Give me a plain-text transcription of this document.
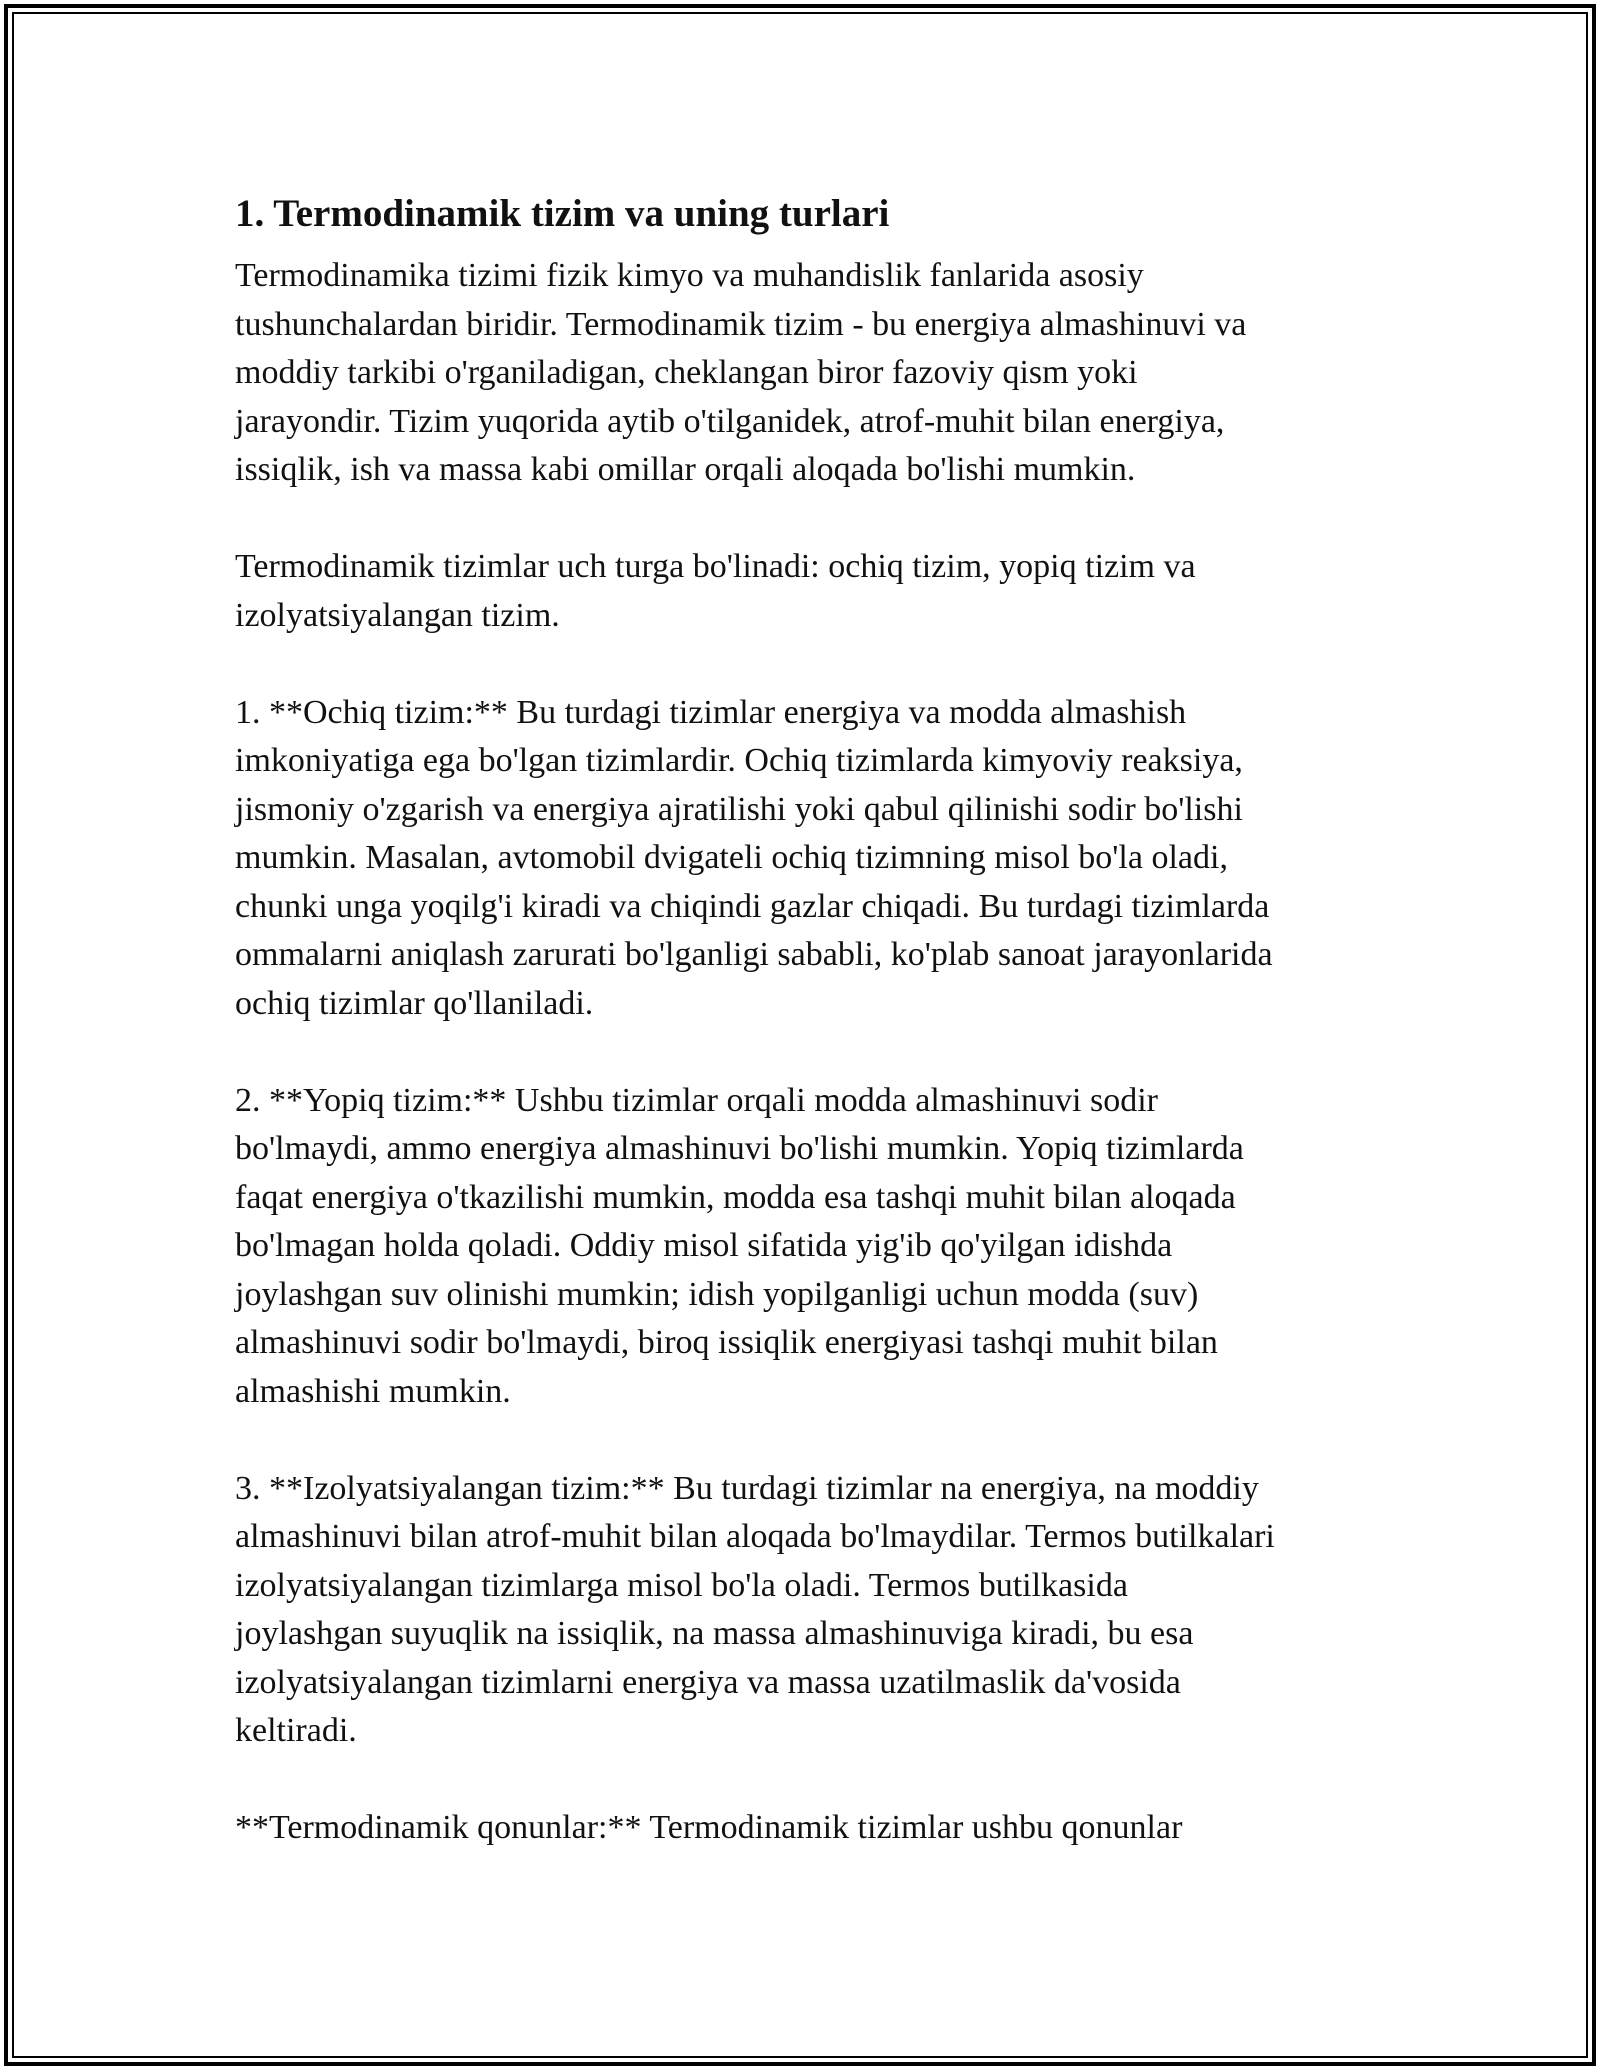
1. Termodinamik tizim va uning turlari
Termodinamika tizimi fizik kimyo va muhandislik fanlarida asosiy
tushunchalardan biridir. Termodinamik tizim - bu energiya almashinuvi va
moddiy tarkibi o'rganiladigan, cheklangan biror fazoviy qism yoki
jarayondir. Tizim yuqorida aytib o'tilganidek, atrof-muhit bilan energiya,
issiqlik, ish va massa kabi omillar orqali aloqada bo'lishi mumkin.
Termodinamik tizimlar uch turga bo'linadi: ochiq tizim, yopiq tizim va
izolyatsiyalangan tizim.
1. **Ochiq tizim:** Bu turdagi tizimlar energiya va modda almashish
imkoniyatiga ega bo'lgan tizimlardir. Ochiq tizimlarda kimyoviy reaksiya,
jismoniy o'zgarish va energiya ajratilishi yoki qabul qilinishi sodir bo'lishi
mumkin. Masalan, avtomobil dvigateli ochiq tizimning misol bo'la oladi,
chunki unga yoqilg'i kiradi va chiqindi gazlar chiqadi. Bu turdagi tizimlarda
ommalarni aniqlash zarurati bo'lganligi sababli, ko'plab sanoat jarayonlarida
ochiq tizimlar qo'llaniladi.
2. **Yopiq tizim:** Ushbu tizimlar orqali modda almashinuvi sodir
bo'lmaydi, ammo energiya almashinuvi bo'lishi mumkin. Yopiq tizimlarda
faqat energiya o'tkazilishi mumkin, modda esa tashqi muhit bilan aloqada
bo'lmagan holda qoladi. Oddiy misol sifatida yig'ib qo'yilgan idishda
joylashgan suv olinishi mumkin; idish yopilganligi uchun modda (suv)
almashinuvi sodir bo'lmaydi, biroq issiqlik energiyasi tashqi muhit bilan
almashishi mumkin.
3. **Izolyatsiyalangan tizim:** Bu turdagi tizimlar na energiya, na moddiy
almashinuvi bilan atrof-muhit bilan aloqada bo'lmaydilar. Termos butilkalari
izolyatsiyalangan tizimlarga misol bo'la oladi. Termos butilkasida
joylashgan suyuqlik na issiqlik, na massa almashinuviga kiradi, bu esa
izolyatsiyalangan tizimlarni energiya va massa uzatilmaslik da'vosida
keltiradi.
**Termodinamik qonunlar:** Termodinamik tizimlar ushbu qonunlar
